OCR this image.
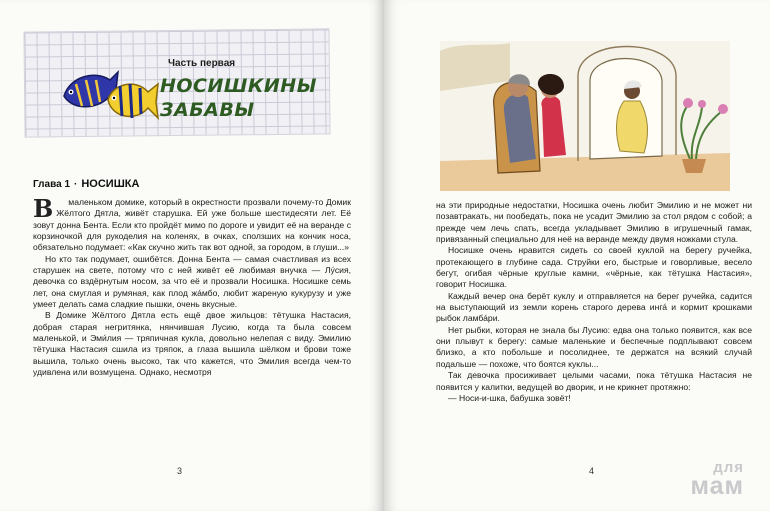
Часть первая
НОСИШКИНЫ
ЗАБАВЫ
Глава 1 · НОСИШКА

В маленьком домике, который в окрестности прозвали почему-то Домик Жёлтого Дятла, живёт старушка. Ей уже больше шестидесяти лет. Её зовут донна Бента. Если кто пройдёт мимо по дороге и увидит её на веранде с корзиночкой для рукоделия на коленях, в очках, сползших на кончик носа, обязательно подумает: «Как скучно жить так вот одной, за городом, в глуши...»

Но кто так подумает, ошибётся. Донна Бента — самая счастливая из всех старушек на свете, потому что с ней живёт её любимая внучка — Лу́сия, девочка со вздёрнутым носом, за что её и прозвали Носишка. Носишке семь лет, она смуглая и румяная, как плод жа́мбо, любит жареную кукурузу и уже умеет делать сама сладкие пышки, очень вкусные.

В Домике Жёлтого Дятла есть ещё двое жильцов: тётушка Настасия, добрая старая негритянка, нянчившая Лусию, когда та была совсем маленькой, и Эми́лия — тряпичная кукла, довольно нелепая с виду. Эмилию тётушка Настасия сшила из тряпок, а глаза вышила шёлком и брови тоже вышила, только очень высоко, так что кажется, что Эмилия всегда чем-то удивлена или возмущена. Однако, несмотря

3

на эти природные недостатки, Носишка очень любит Эмилию и не может ни позавтракать, ни пообедать, пока не усадит Эмилию за стол рядом с собой; а прежде чем лечь спать, всегда укладывает Эмилию в игрушечный гамак, привязанный специально для неё на веранде между двумя ножками стула.

Носишке очень нравится сидеть со своей куклой на берегу ручейка, протекающего в глубине сада. Струйки его, быстрые и говорливые, весело бегут, огибая чёрные круглые камни, «чёрные, как тётушка Настасия», говорит Носишка.

Каждый вечер она берёт куклу и отправляется на берег ручейка, садится на выступающий из земли корень старого дерева инга́ и кормит крошками рыбок ламба́ри.

Нет рыбки, которая не знала бы Лусию: едва она только появится, как все они плывут к берегу: самые маленькие и беспечные подплывают совсем близко, а кто побольше и посолиднее, те держатся на всякий случай подальше — похоже, что боятся куклы...

Так девочка просиживает целыми часами, пока тётушка Настасия не появится у калитки, ведущей во дворик, и не крикнет протяжно:

— Носи-и-шка, бабушка зовёт!

4	для
мам
